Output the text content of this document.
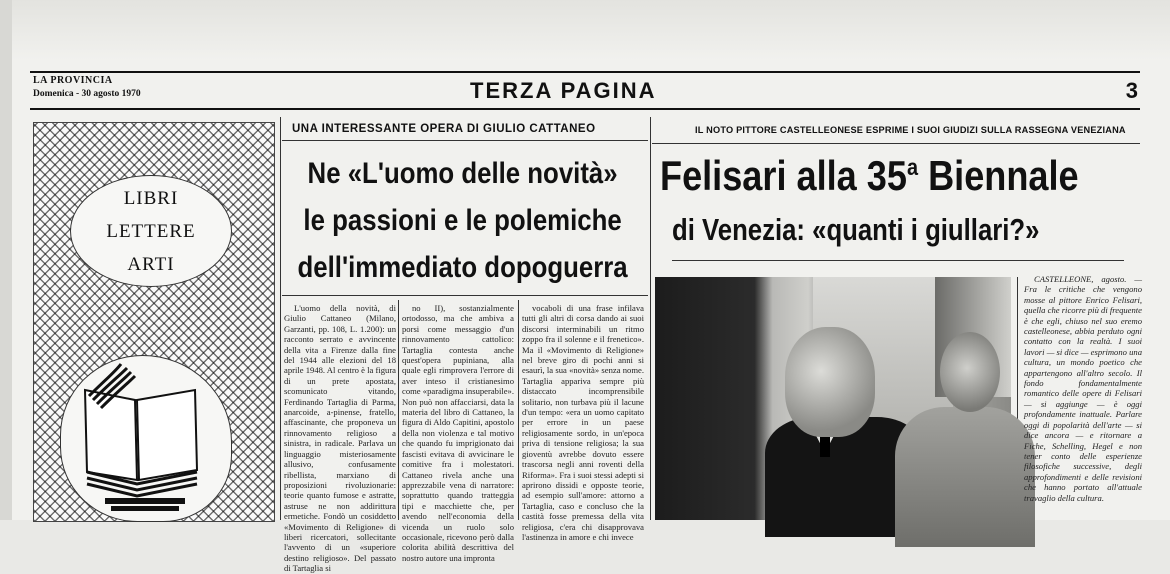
LA PROVINCIA
Domenica - 30 agosto 1970	TERZA PAGINA	3
LIBRI
LETTERE
ARTI
UNA INTERESSANTE OPERA DI GIULIO CATTANEO
Ne «L'uomo delle novità»
le passioni e le polemiche
dell'immediato dopoguerra

L'uomo della novità, di Giulio Cattaneo (Milano, Garzanti, pp. 108, L. 1.200): un racconto serrato e avvincente della vita a Firenze dalla fine del 1944 alle elezioni del 18 aprile 1948. Al centro è la figura di un prete apostata, scomunicato vitando, Ferdinando Tartaglia di Parma, anarcoide, a-pinense, fratello, affascinante, che proponeva un rinnovamento religioso a sinistra, in radicale. Parlava un linguaggio misteriosamente allusivo, confusamente ribellista, marxiano di proposizioni rivoluzionarie: teorie quanto fumose e astratte, astruse ne non addirittura ermetiche. Fondò un cosiddetto «Movimento di Religione» di liberi ricercatori, sollecitante l'avvento di un «superiore destino religioso». Del passato di Tartaglia si

no II), sostanzialmente ortodosso, ma che ambiva a porsi come messaggio d'un rinnovamento cattolico: Tartaglia contesta anche quest'opera pupiniana, alla quale egli rimprovera l'errore di aver inteso il cristianesimo come «paradigma insuperabile». Non può non affacciarsi, data la materia del libro di Cattaneo, la figura di Aldo Capitini, apostolo della non violenza e tal motivo che quando fu imprigionato dai fascisti evitava di avvicinare le comitive fra i molestatori. Cattaneo rivela anche una apprezzabile vena di narratore: soprattutto quando tratteggia tipi e macchiette che, per avendo nell'economia della vicenda un ruolo solo occasionale, ricevono però dalla colorita abilità descrittiva del nostro autore una impronta

vocaboli di una frase infilava tutti gli altri di corsa dando ai suoi discorsi interminabili un ritmo zoppo fra il solenne e il frenetico». Ma il «Movimento di Religione» nel breve giro di pochi anni si esaurì, la sua «novità» senza nome. Tartaglia appariva sempre più distaccato incomprensibile solitario, non turbava più il lacune d'un tempo: «era un uomo capitato per errore in un paese religiosamente sordo, in un'epoca priva di tensione religiosa; la sua gioventù avrebbe dovuto essere trascorsa negli anni roventi della Riforma». Fra i suoi stessi adepti si aprirono dissidi e opposte teorie, ad esempio sull'amore: attorno a Tartaglia, caso e concluso che la castità fosse premessa della vita religiosa, c'era chi disapprovava l'astinenza in amore e chi invece

IL NOTO PITTORE CASTELLEONESE ESPRIME I SUOI GIUDIZI SULLA RASSEGNA VENEZIANA
Felisari alla 35$^a$ Biennale
di Venezia: «quanti i giullari?»

CASTELLEONE, agosto. — Fra le critiche che vengono mosse al pittore Enrico Felisari, quella che ricorre più di frequente è che egli, chiuso nel suo eremo castelleonese, abbia perduto ogni contatto con la realtà. I suoi lavori — si dice — esprimono una cultura, un mondo poetico che appartengono all'altro secolo. Il fondo fondamentalmente romantico delle opere di Felisari — si aggiunge — è oggi profondamente inattuale. Parlare oggi di popolarità dell'arte — si dice ancora — e ritornare a Fiche, Schelling, Hegel e non tener conto delle esperienze filosofiche successive, degli approfondimenti e delle revisioni che hanno portato all'attuale travaglio della cultura.
